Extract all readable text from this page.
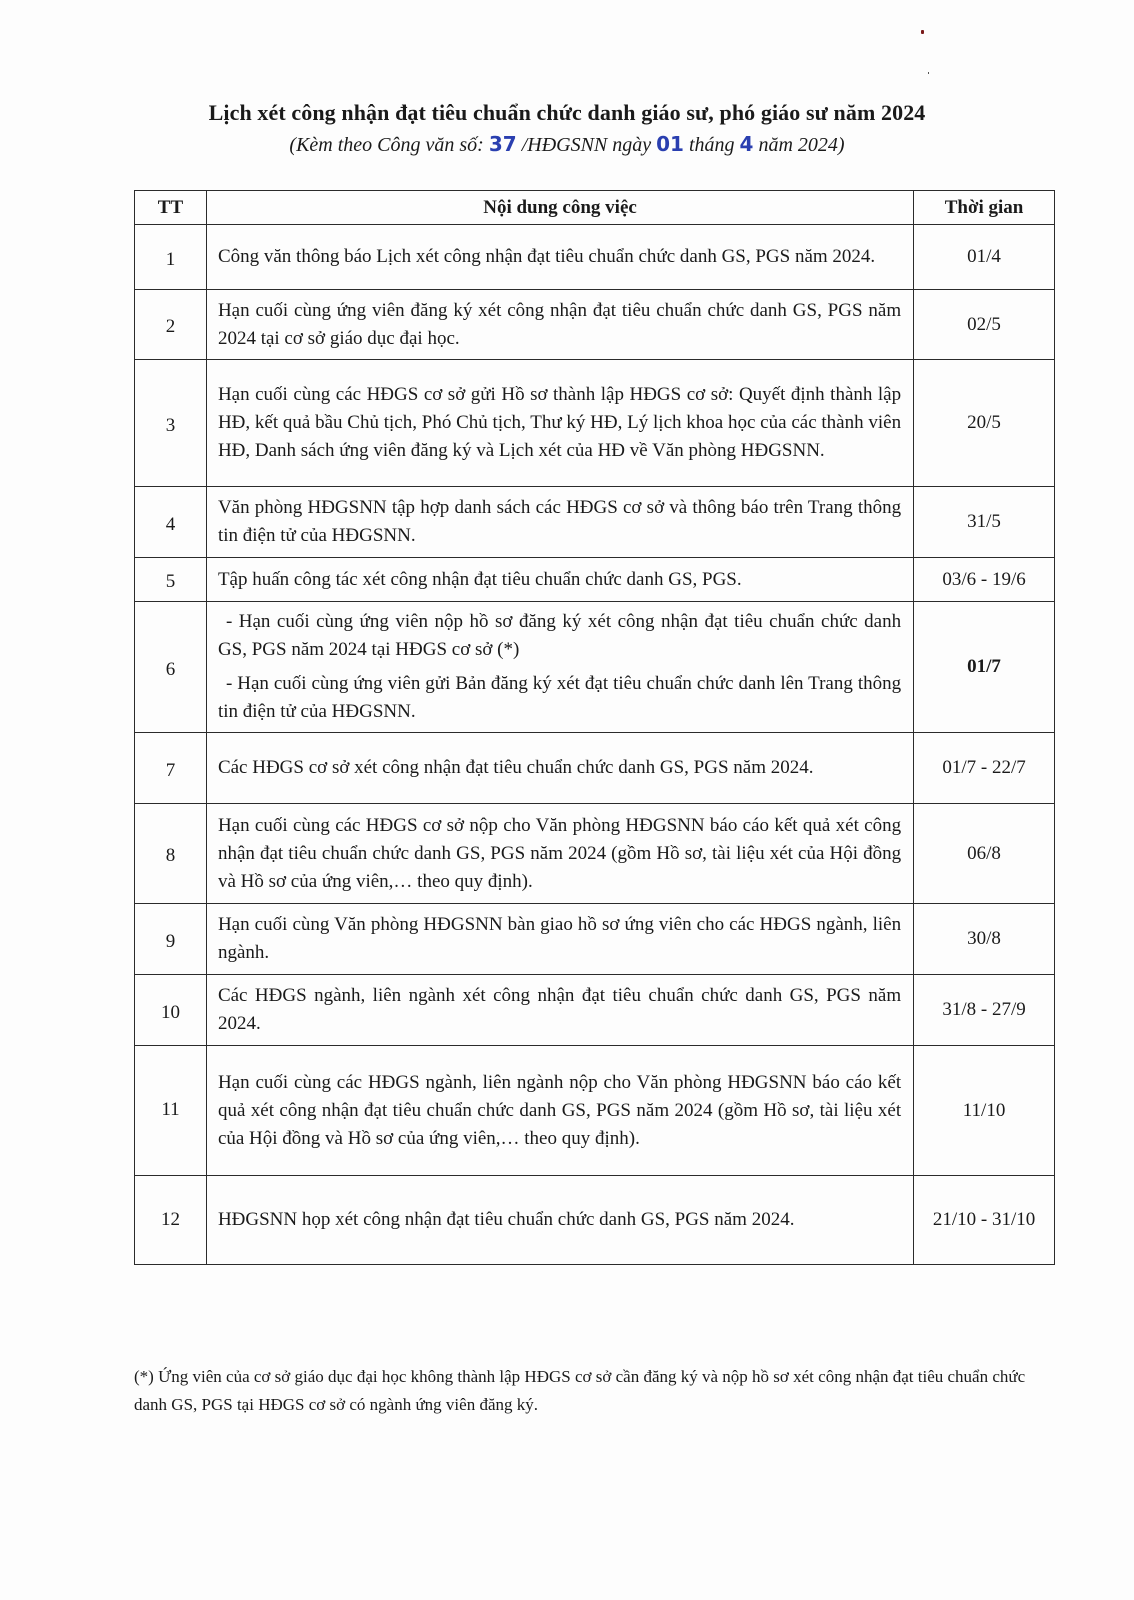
Lịch xét công nhận đạt tiêu chuẩn chức danh giáo sư, phó giáo sư năm 2024
(Kèm theo Công văn số: 37 /HĐGSNN ngày 01 tháng 4 năm 2024)
TT	Nội dung công việc	Thời gian
1	Công văn thông báo Lịch xét công nhận đạt tiêu chuẩn chức danh GS, PGS năm 2024.	01/4
2	Hạn cuối cùng ứng viên đăng ký xét công nhận đạt tiêu chuẩn chức danh GS, PGS năm 2024 tại cơ sở giáo dục đại học.	02/5
3	Hạn cuối cùng các HĐGS cơ sở gửi Hồ sơ thành lập HĐGS cơ sở: Quyết định thành lập HĐ, kết quả bầu Chủ tịch, Phó Chủ tịch, Thư ký HĐ, Lý lịch khoa học của các thành viên HĐ, Danh sách ứng viên đăng ký và Lịch xét của HĐ về Văn phòng HĐGSNN.	20/5
4	Văn phòng HĐGSNN tập hợp danh sách các HĐGS cơ sở và thông báo trên Trang thông tin điện tử của HĐGSNN.	31/5
5	Tập huấn công tác xét công nhận đạt tiêu chuẩn chức danh GS, PGS.	03/6 - 19/6
6	- Hạn cuối cùng ứng viên nộp hồ sơ đăng ký xét công nhận đạt tiêu chuẩn chức danh GS, PGS năm 2024 tại HĐGS cơ sở (*)
- Hạn cuối cùng ứng viên gửi Bản đăng ký xét đạt tiêu chuẩn chức danh lên Trang thông tin điện tử của HĐGSNN.	01/7
7	Các HĐGS cơ sở xét công nhận đạt tiêu chuẩn chức danh GS, PGS năm 2024.	01/7 - 22/7
8	Hạn cuối cùng các HĐGS cơ sở nộp cho Văn phòng HĐGSNN báo cáo kết quả xét công nhận đạt tiêu chuẩn chức danh GS, PGS năm 2024 (gồm Hồ sơ, tài liệu xét của Hội đồng và Hồ sơ của ứng viên,… theo quy định).	06/8
9	Hạn cuối cùng Văn phòng HĐGSNN bàn giao hồ sơ ứng viên cho các HĐGS ngành, liên ngành.	30/8
10	Các HĐGS ngành, liên ngành xét công nhận đạt tiêu chuẩn chức danh GS, PGS năm 2024.	31/8 - 27/9
11	Hạn cuối cùng các HĐGS ngành, liên ngành nộp cho Văn phòng HĐGSNN báo cáo kết quả xét công nhận đạt tiêu chuẩn chức danh GS, PGS năm 2024 (gồm Hồ sơ, tài liệu xét của Hội đồng và Hồ sơ của ứng viên,… theo quy định).	11/10
12	HĐGSNN họp xét công nhận đạt tiêu chuẩn chức danh GS, PGS năm 2024.	21/10 - 31/10
(*) Ứng viên của cơ sở giáo dục đại học không thành lập HĐGS cơ sở cần đăng ký và nộp hồ sơ xét công nhận đạt tiêu chuẩn chức danh GS, PGS tại HĐGS cơ sở có ngành ứng viên đăng ký.
